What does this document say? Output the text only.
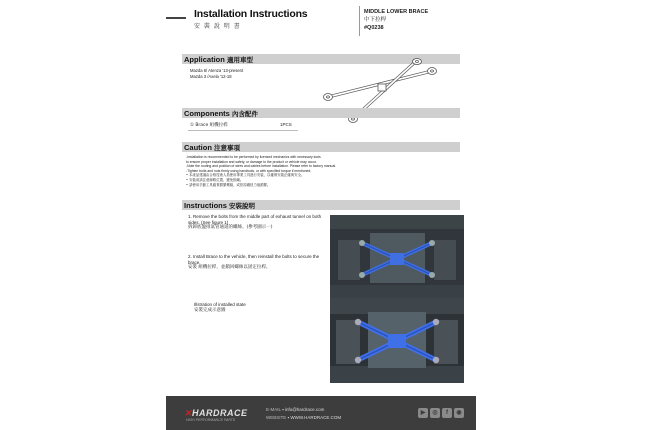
Installation Instructions
安 裝 說 明 書
MIDDLE LOWER BRACE
中下拉桿
#Q0238
Application 適用車型
Mazda 6/ Atenza '13-present
Mazda 3 /Axela '12-18
Components 內含配件
① Brace 組機拉桿	1PCS
Caution 注意事項
-Installation is recommended to be performed by licensed mechanics with necessary tools
to ensure proper installation and safety, or damage to the product or vehicle may occur.
-Note the routing and position of wires and cables before installation. Please refer to factory manual.
-Tighten bolts and nuts firmly using handtools, or with specified torque if mentioned.
• 本產品建議由合格技術人員使用專業工具進行安裝，以確保安裝正確與安全。
• 安裝前請注意線路位置，避免損壞。
• 請使用手動工具確實鎖緊螺絲，或依原廠扭力值鎖緊。
Instructions 安裝說明
1. Remove the bolts from the middle part of exhaust tunnel on both sides. (See figure 1)
拆卸底盤排氣管通道的螺絲。(參考圖示一)
2. Install Brace to the vehicle, then reinstall the bolts to secure the brace.
安裝 組機拉桿，並鎖回螺絲以固定拉桿。
Illstration of installed state
安裝完成示意圖
✕HARDRACE
HIGH PERFORMANCE PARTS
E-MAIL ▪ info@hardrace.com
WEBSITE ▪ WWW.HARDRACE.COM
▶	◎	f	◉
